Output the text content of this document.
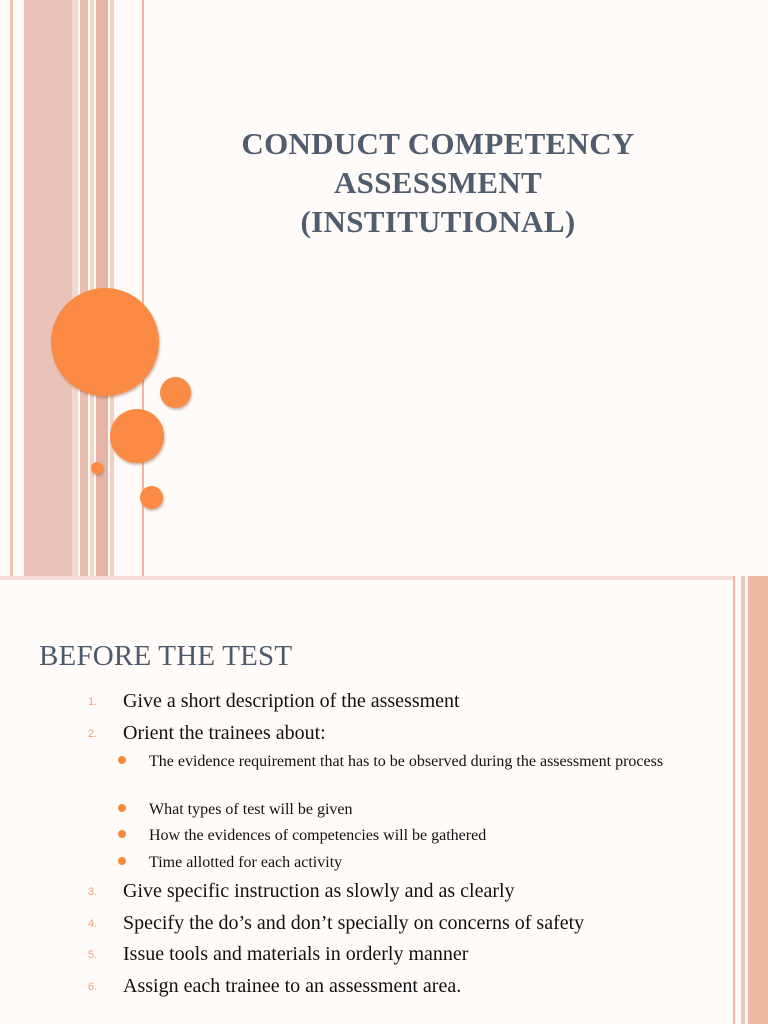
CONDUCT COMPETENCY
ASSESSMENT
(INSTITUTIONAL)
BEFORE THE TEST
1. Give a short description of the assessment
2. Orient the trainees about:
The evidence requirement that has to be observed during the assessment process
What types of test will be given
How the evidences of competencies will be gathered
Time allotted for each activity
3. Give specific instruction as slowly and as clearly
4. Specify the do’s and don’t specially on concerns of safety
5. Issue tools and materials in orderly manner
6. Assign each trainee to an assessment area.
